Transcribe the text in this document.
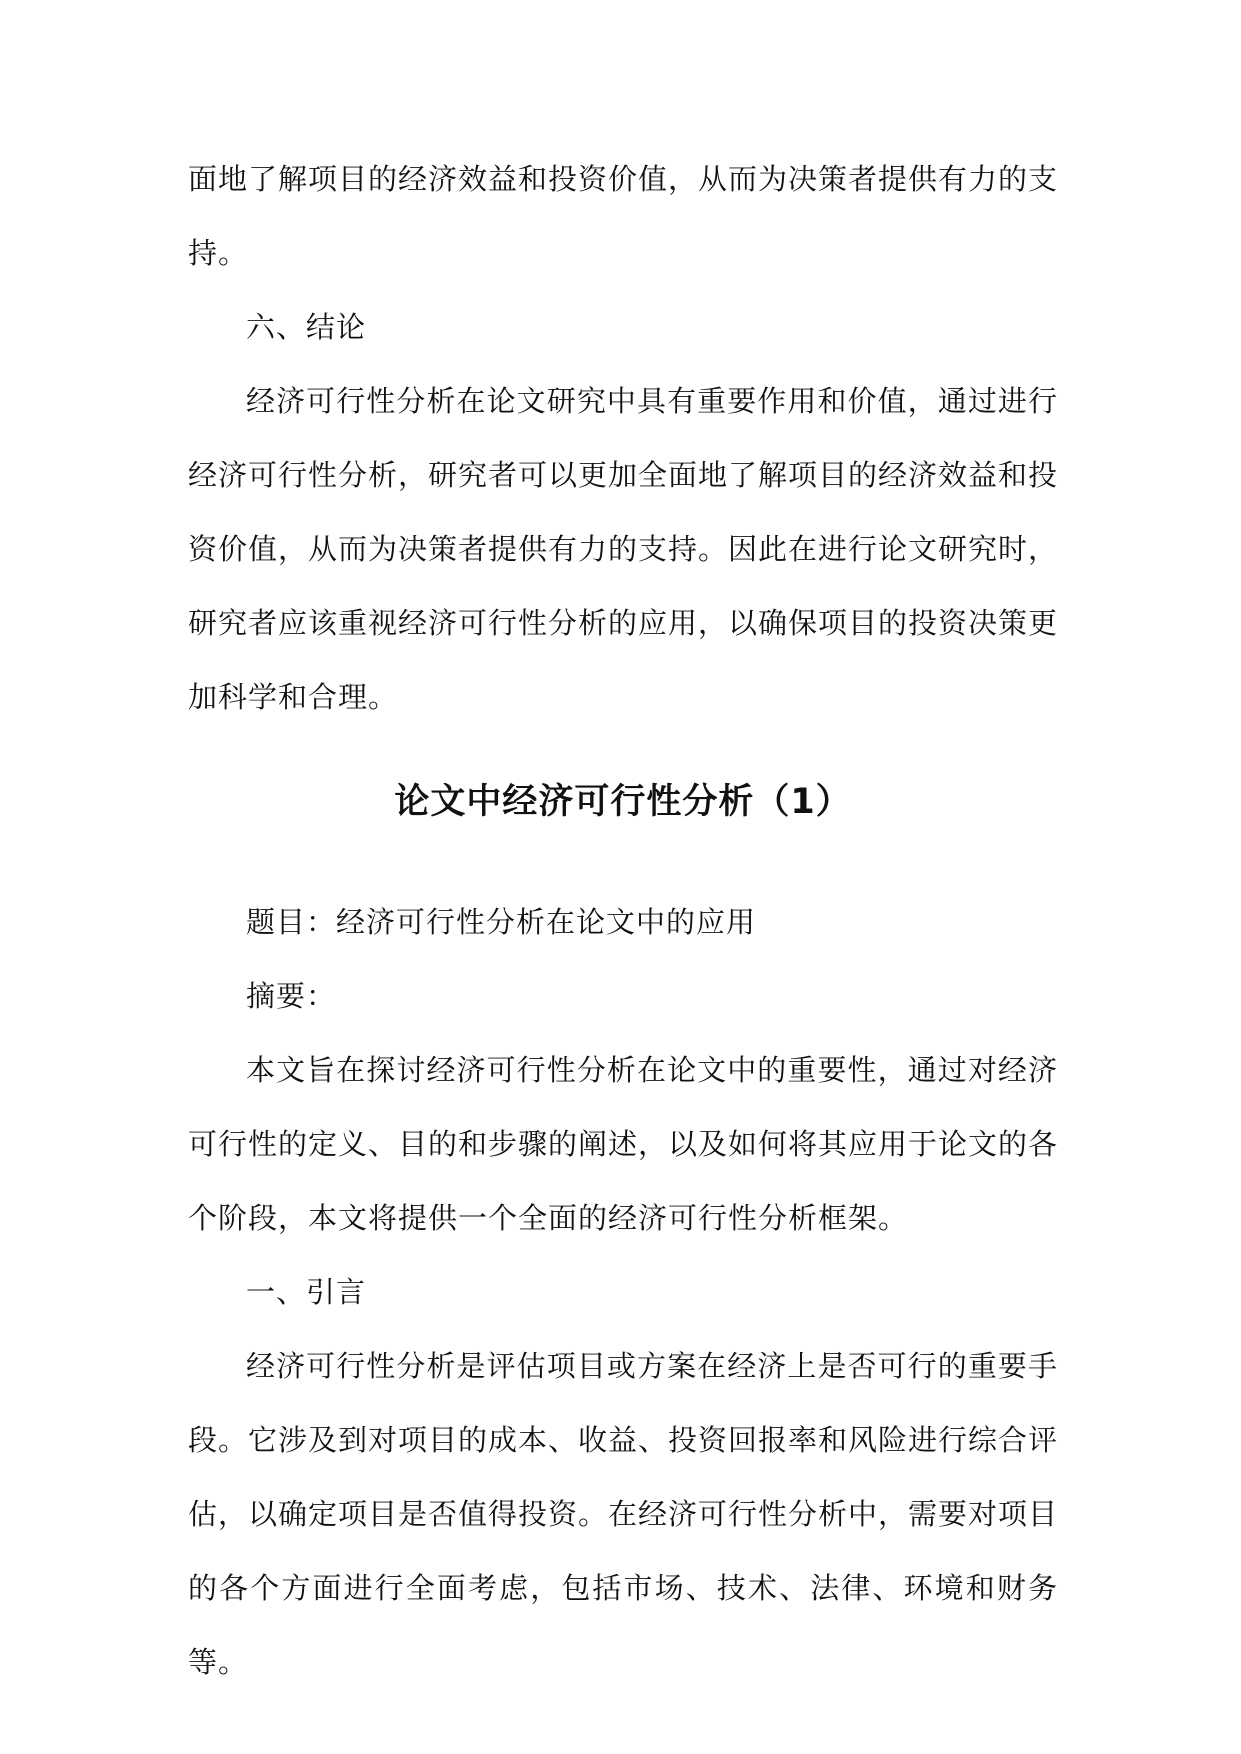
面地了解项目的经济效益和投资价值，从而为决策者提供有力的支持。

六、结论

经济可行性分析在论文研究中具有重要作用和价值，通过进行经济可行性分析，研究者可以更加全面地了解项目的经济效益和投资价值，从而为决策者提供有力的支持。因此在进行论文研究时，研究者应该重视经济可行性分析的应用，以确保项目的投资决策更加科学和合理。

论文中经济可行性分析（1）

题目：经济可行性分析在论文中的应用

摘要：

本文旨在探讨经济可行性分析在论文中的重要性，通过对经济可行性的定义、目的和步骤的阐述，以及如何将其应用于论文的各个阶段，本文将提供一个全面的经济可行性分析框架。

一、引言

经济可行性分析是评估项目或方案在经济上是否可行的重要手段。它涉及到对项目的成本、收益、投资回报率和风险进行综合评估，以确定项目是否值得投资。在经济可行性分析中，需要对项目的各个方面进行全面考虑，包括市场、技术、法律、环境和财务等。
